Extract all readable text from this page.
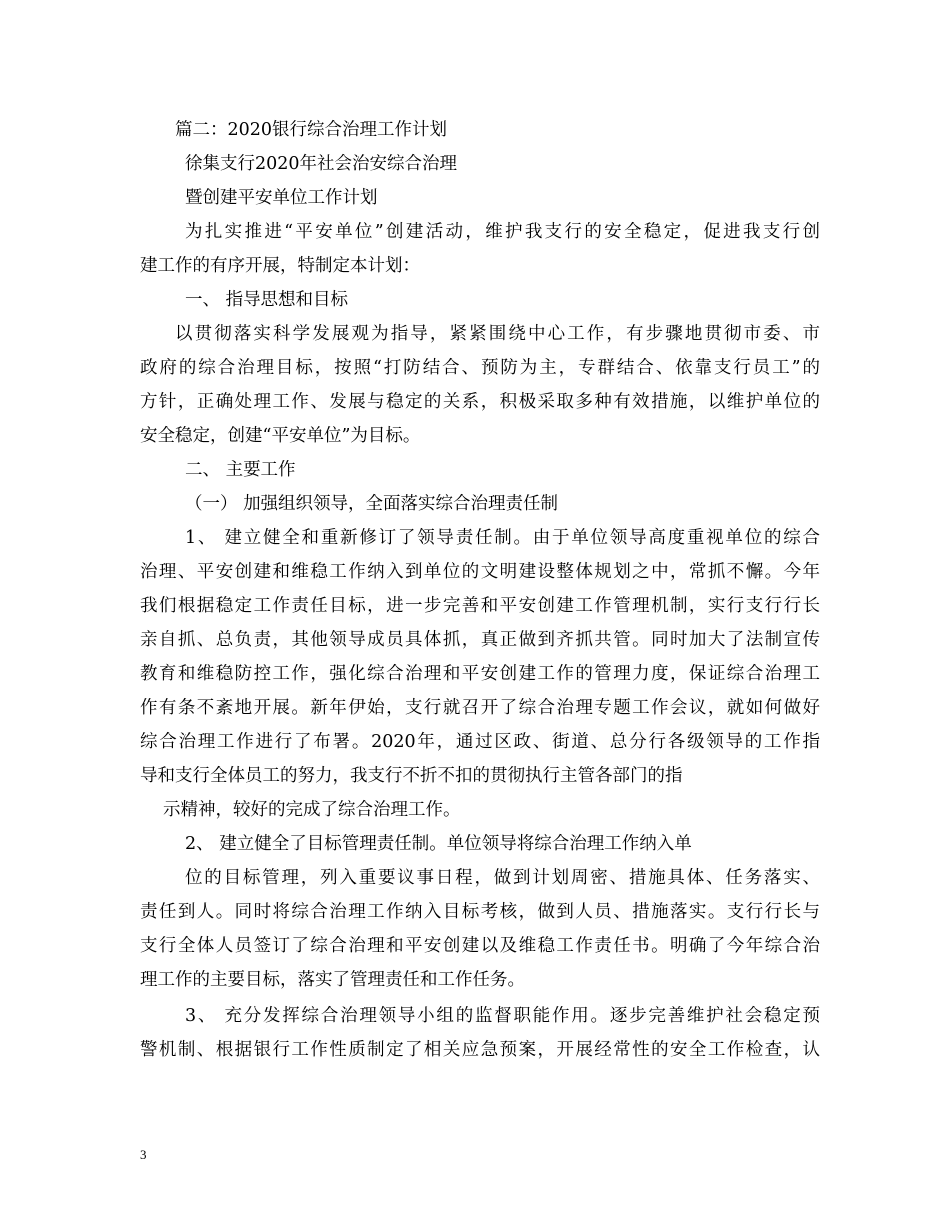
篇二：2020银行综合治理工作计划
徐集支行2020年社会治安综合治理
暨创建平安单位工作计划
为扎实推进“平安单位”创建活动，维护我支行的安全稳定，促进我支行创
建工作的有序开展，特制定本计划：
一、 指导思想和目标
以贯彻落实科学发展观为指导，紧紧围绕中心工作，有步骤地贯彻市委、市
政府的综合治理目标，按照“打防结合、预防为主，专群结合、依靠支行员工”的
方针，正确处理工作、发展与稳定的关系，积极采取多种有效措施，以维护单位的
安全稳定，创建“平安单位”为目标。
二、 主要工作
（一） 加强组织领导，全面落实综合治理责任制
1、 建立健全和重新修订了领导责任制。由于单位领导高度重视单位的综合
治理、平安创建和维稳工作纳入到单位的文明建设整体规划之中，常抓不懈。今年
我们根据稳定工作责任目标，进一步完善和平安创建工作管理机制，实行支行行长
亲自抓、总负责，其他领导成员具体抓，真正做到齐抓共管。同时加大了法制宣传
教育和维稳防控工作，强化综合治理和平安创建工作的管理力度，保证综合治理工
作有条不紊地开展。新年伊始，支行就召开了综合治理专题工作会议，就如何做好
综合治理工作进行了布署。2020年，通过区政、街道、总分行各级领导的工作指
导和支行全体员工的努力，我支行不折不扣的贯彻执行主管各部门的指
示精神，较好的完成了综合治理工作。
2、 建立健全了目标管理责任制。单位领导将综合治理工作纳入单
位的目标管理，列入重要议事日程，做到计划周密、措施具体、任务落实、
责任到人。同时将综合治理工作纳入目标考核，做到人员、措施落实。支行行长与
支行全体人员签订了综合治理和平安创建以及维稳工作责任书。明确了今年综合治
理工作的主要目标，落实了管理责任和工作任务。
3、 充分发挥综合治理领导小组的监督职能作用。逐步完善维护社会稳定预
警机制、根据银行工作性质制定了相关应急预案，开展经常性的安全工作检查，认
3
